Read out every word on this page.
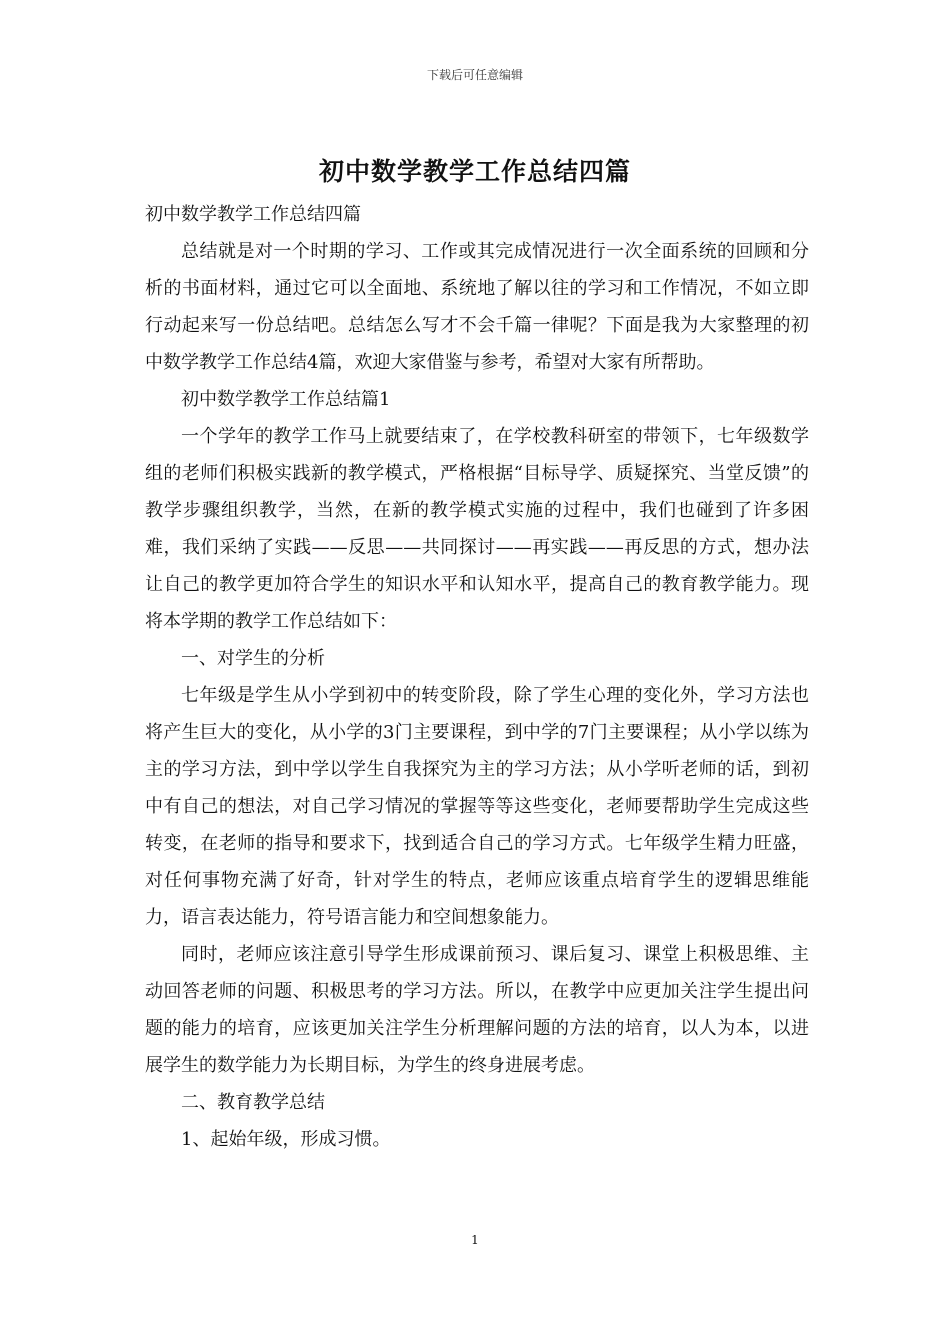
下载后可任意编辑
初中数学教学工作总结四篇

初中数学教学工作总结四篇

总结就是对一个时期的学习、工作或其完成情况进行一次全面系统的回顾和分析的书面材料，通过它可以全面地、系统地了解以往的学习和工作情况，不如立即行动起来写一份总结吧。总结怎么写才不会千篇一律呢？下面是我为大家整理的初中数学教学工作总结4篇，欢迎大家借鉴与参考，希望对大家有所帮助。

初中数学教学工作总结篇1

一个学年的教学工作马上就要结束了，在学校教科研室的带领下，七年级数学组的老师们积极实践新的教学模式，严格根据“目标导学、质疑探究、当堂反馈”的教学步骤组织教学，当然，在新的教学模式实施的过程中，我们也碰到了许多困难，我们采纳了实践——反思——共同探讨——再实践——再反思的方式，想办法让自己的教学更加符合学生的知识水平和认知水平，提高自己的教育教学能力。现将本学期的教学工作总结如下：

一、对学生的分析

七年级是学生从小学到初中的转变阶段，除了学生心理的变化外，学习方法也将产生巨大的变化，从小学的3门主要课程，到中学的7门主要课程；从小学以练为主的学习方法，到中学以学生自我探究为主的学习方法；从小学听老师的话，到初中有自己的想法，对自己学习情况的掌握等等这些变化，老师要帮助学生完成这些转变，在老师的指导和要求下，找到适合自己的学习方式。七年级学生精力旺盛，对任何事物充满了好奇，针对学生的特点，老师应该重点培育学生的逻辑思维能力，语言表达能力，符号语言能力和空间想象能力。

同时，老师应该注意引导学生形成课前预习、课后复习、课堂上积极思维、主动回答老师的问题、积极思考的学习方法。所以，在教学中应更加关注学生提出问题的能力的培育，应该更加关注学生分析理解问题的方法的培育，以人为本，以进展学生的数学能力为长期目标，为学生的终身进展考虑。

二、教育教学总结

1、起始年级，形成习惯。

1
